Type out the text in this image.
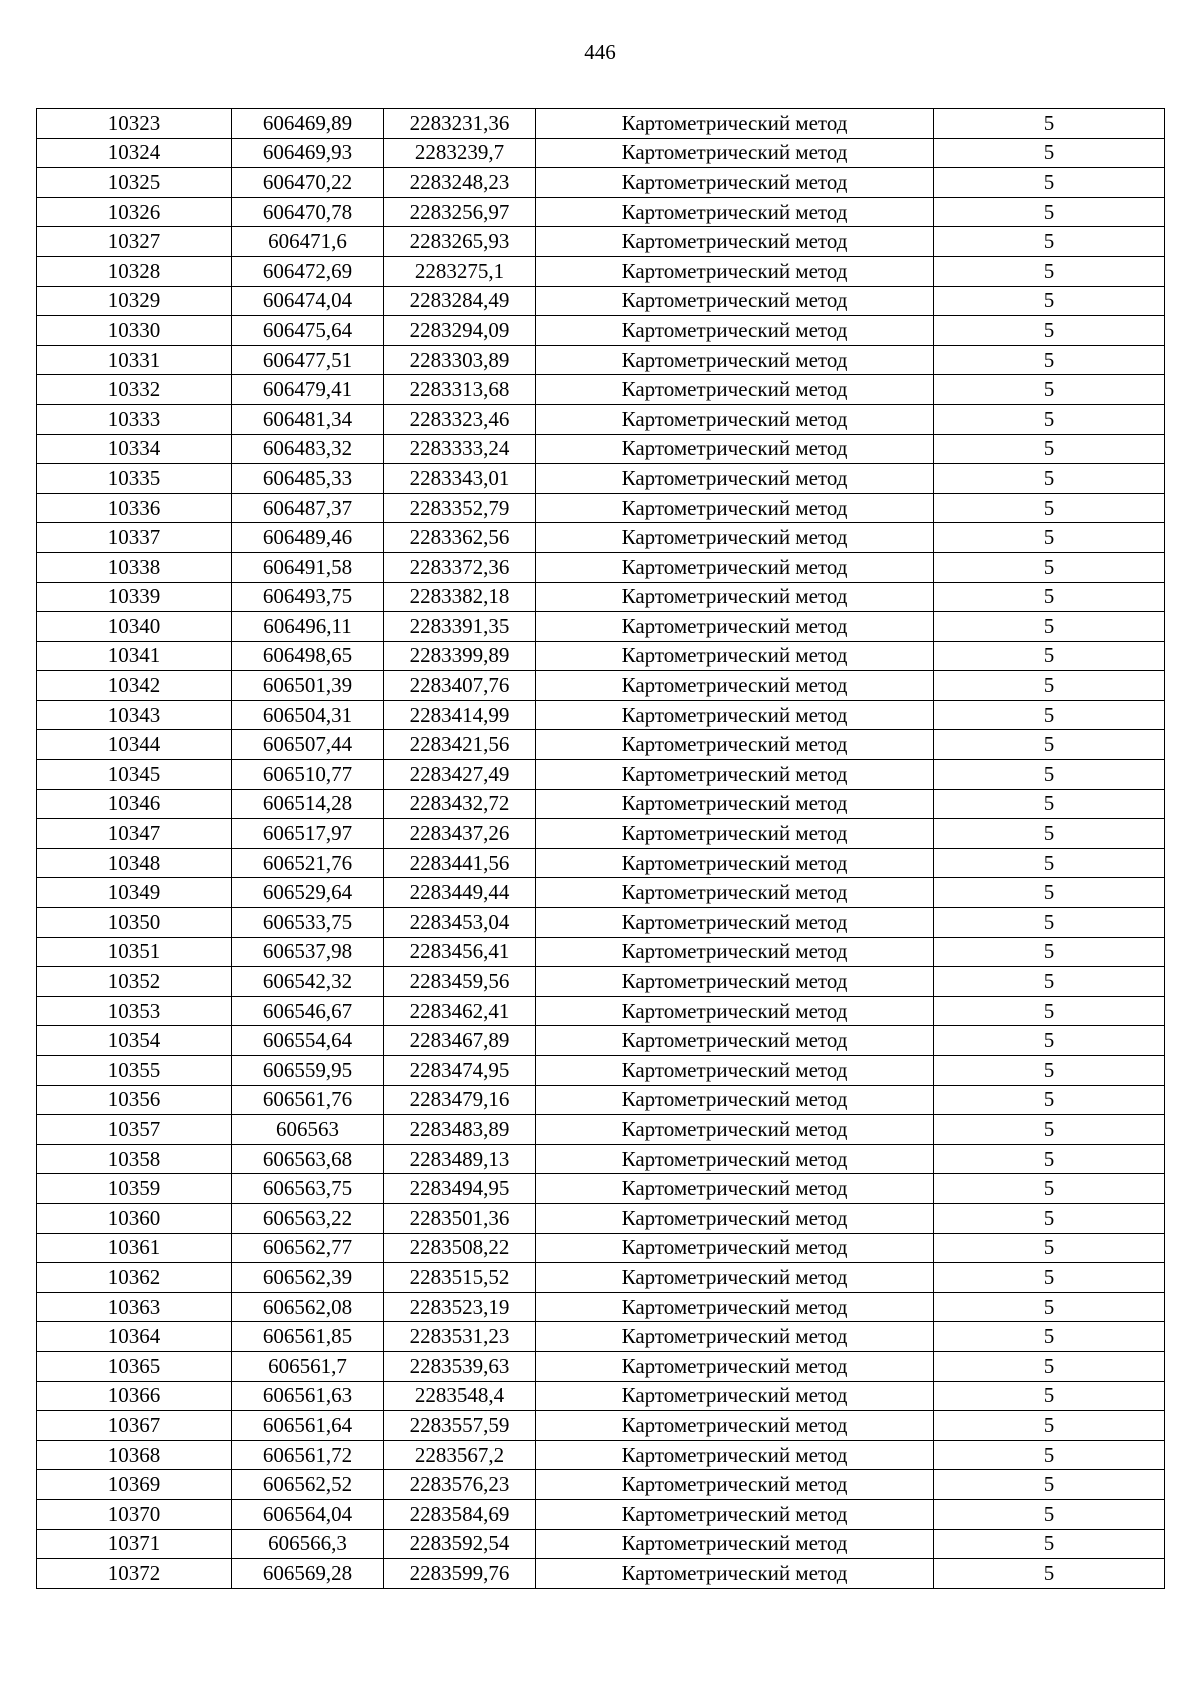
446
10323	606469,89	2283231,36	Картометрический метод	5
10324	606469,93	2283239,7	Картометрический метод	5
10325	606470,22	2283248,23	Картометрический метод	5
10326	606470,78	2283256,97	Картометрический метод	5
10327	606471,6	2283265,93	Картометрический метод	5
10328	606472,69	2283275,1	Картометрический метод	5
10329	606474,04	2283284,49	Картометрический метод	5
10330	606475,64	2283294,09	Картометрический метод	5
10331	606477,51	2283303,89	Картометрический метод	5
10332	606479,41	2283313,68	Картометрический метод	5
10333	606481,34	2283323,46	Картометрический метод	5
10334	606483,32	2283333,24	Картометрический метод	5
10335	606485,33	2283343,01	Картометрический метод	5
10336	606487,37	2283352,79	Картометрический метод	5
10337	606489,46	2283362,56	Картометрический метод	5
10338	606491,58	2283372,36	Картометрический метод	5
10339	606493,75	2283382,18	Картометрический метод	5
10340	606496,11	2283391,35	Картометрический метод	5
10341	606498,65	2283399,89	Картометрический метод	5
10342	606501,39	2283407,76	Картометрический метод	5
10343	606504,31	2283414,99	Картометрический метод	5
10344	606507,44	2283421,56	Картометрический метод	5
10345	606510,77	2283427,49	Картометрический метод	5
10346	606514,28	2283432,72	Картометрический метод	5
10347	606517,97	2283437,26	Картометрический метод	5
10348	606521,76	2283441,56	Картометрический метод	5
10349	606529,64	2283449,44	Картометрический метод	5
10350	606533,75	2283453,04	Картометрический метод	5
10351	606537,98	2283456,41	Картометрический метод	5
10352	606542,32	2283459,56	Картометрический метод	5
10353	606546,67	2283462,41	Картометрический метод	5
10354	606554,64	2283467,89	Картометрический метод	5
10355	606559,95	2283474,95	Картометрический метод	5
10356	606561,76	2283479,16	Картометрический метод	5
10357	606563	2283483,89	Картометрический метод	5
10358	606563,68	2283489,13	Картометрический метод	5
10359	606563,75	2283494,95	Картометрический метод	5
10360	606563,22	2283501,36	Картометрический метод	5
10361	606562,77	2283508,22	Картометрический метод	5
10362	606562,39	2283515,52	Картометрический метод	5
10363	606562,08	2283523,19	Картометрический метод	5
10364	606561,85	2283531,23	Картометрический метод	5
10365	606561,7	2283539,63	Картометрический метод	5
10366	606561,63	2283548,4	Картометрический метод	5
10367	606561,64	2283557,59	Картометрический метод	5
10368	606561,72	2283567,2	Картометрический метод	5
10369	606562,52	2283576,23	Картометрический метод	5
10370	606564,04	2283584,69	Картометрический метод	5
10371	606566,3	2283592,54	Картометрический метод	5
10372	606569,28	2283599,76	Картометрический метод	5
